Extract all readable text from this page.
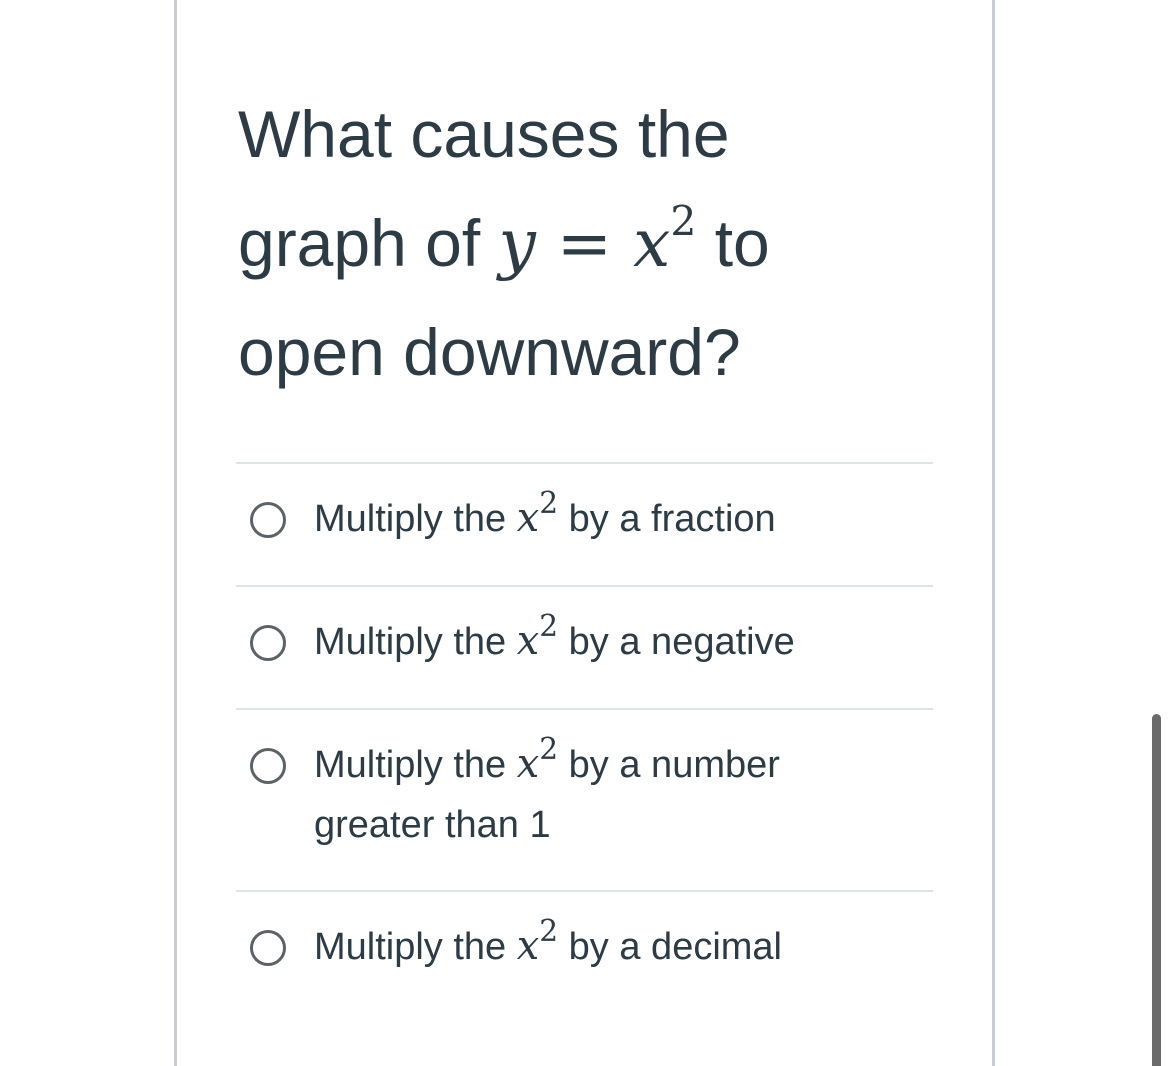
What causes the
graph of $y = x^2$ to
open downward?
Multiply the $x^2$ by a fraction
Multiply the $x^2$ by a negative
Multiply the $x^2$ by a number greater than 1
Multiply the $x^2$ by a decimal
